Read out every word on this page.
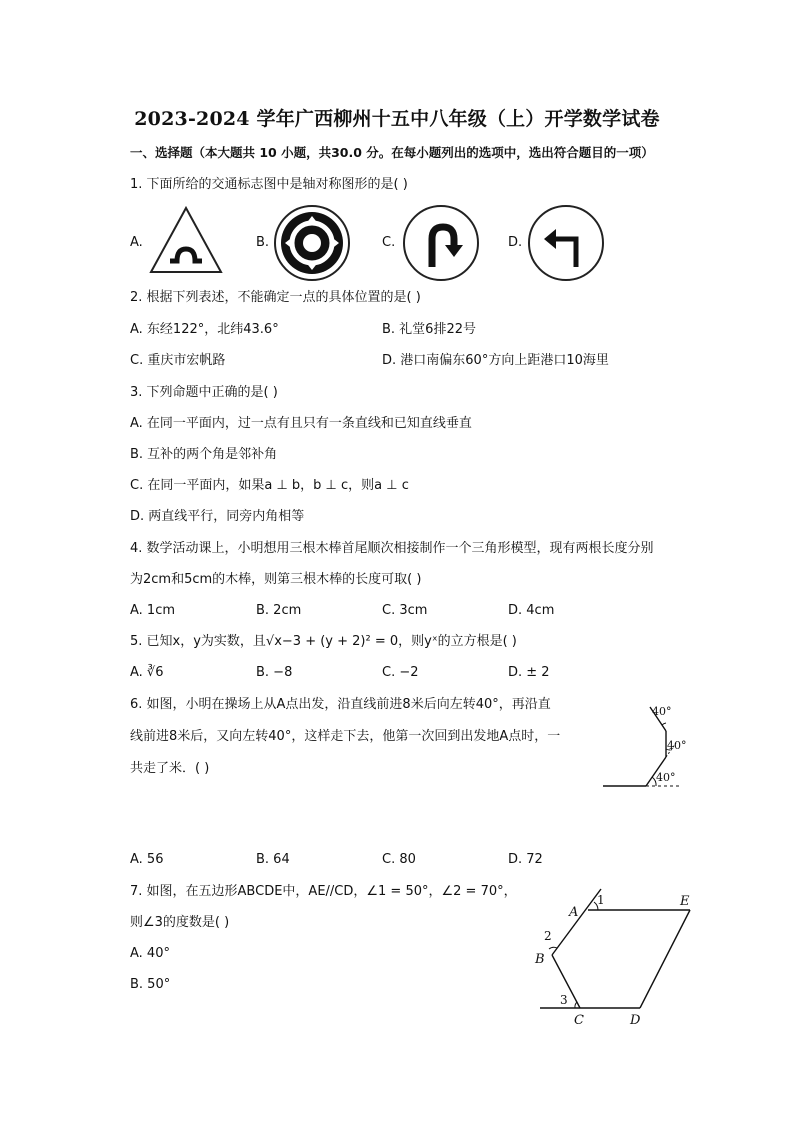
2023-2024 学年广西柳州十五中八年级（上）开学数学试卷
一、选择题（本大题共 10 小题，共30.0 分。在每小题列出的选项中，选出符合题目的一项）
1. 下面所给的交通标志图中是轴对称图形的是( )
A.	B.	C.	D.
2. 根据下列表述，不能确定一点的具体位置的是( )
A. 东经122°，北纬43.6°	B. 礼堂6排22号
C. 重庆市宏帆路	D. 港口南偏东60°方向上距港口10海里
3. 下列命题中正确的是( )
A. 在同一平面内，过一点有且只有一条直线和已知直线垂直
B. 互补的两个角是邻补角
C. 在同一平面内，如果a ⊥ b，b ⊥ c，则a ⊥ c
D. 两直线平行，同旁内角相等
4. 数学活动课上，小明想用三根木棒首尾顺次相接制作一个三角形模型，现有两根长度分别
为2cm和5cm的木棒，则第三根木棒的长度可取( )
A. 1cm	B. 2cm	C. 3cm	D. 4cm
5. 已知x，y为实数，且√x−3 + (y + 2)² = 0，则yˣ的立方根是( )
A. ∛6	B. −8	C. −2	D. ± 2
6. 如图，小明在操场上从A点出发，沿直线前进8米后向左转40°，再沿直
线前进8米后，又向左转40°，这样走下去，他第一次回到出发地A点时，一
共走了米．( )
40°
40°
40°
A. 56	B. 64	C. 80	D. 72
7. 如图，在五边形ABCDE中，AE//CD，∠1 = 50°，∠2 = 70°，
则∠3的度数是( )
A. 40°
B. 50°
A
E
B
C	D
1
2
3
